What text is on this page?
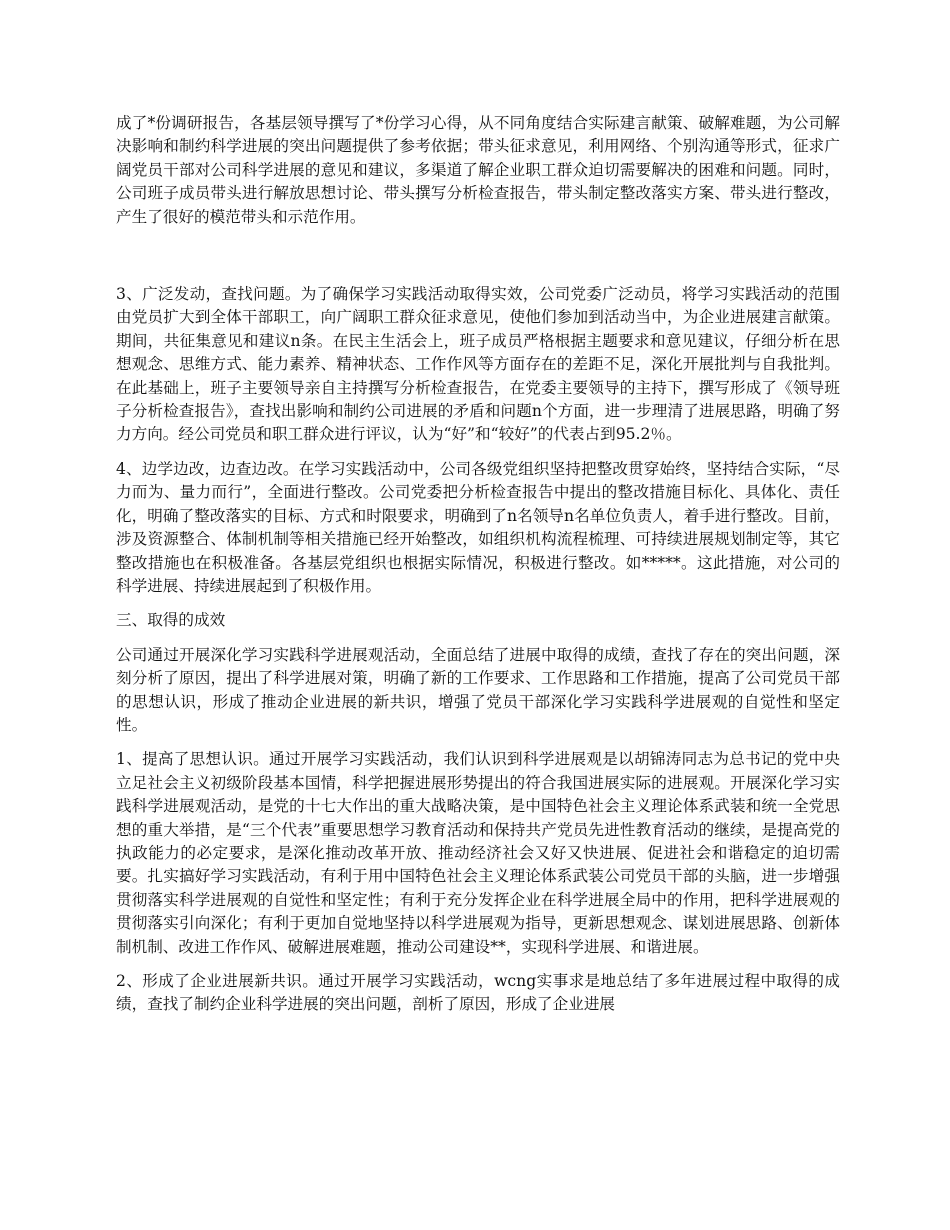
成了*份调研报告，各基层领导撰写了*份学习心得，从不同角度结合实际建言献策、破解难题，为公司解决影响和制约科学进展的突出问题提供了参考依据；带头征求意见，利用网络、个别沟通等形式，征求广阔党员干部对公司科学进展的意见和建议，多渠道了解企业职工群众迫切需要解决的困难和问题。同时，公司班子成员带头进行解放思想讨论、带头撰写分析检查报告，带头制定整改落实方案、带头进行整改，产生了很好的模范带头和示范作用。

3、广泛发动，查找问题。为了确保学习实践活动取得实效，公司党委广泛动员，将学习实践活动的范围由党员扩大到全体干部职工，向广阔职工群众征求意见，使他们参加到活动当中，为企业进展建言献策。期间，共征集意见和建议n条。在民主生活会上，班子成员严格根据主题要求和意见建议，仔细分析在思想观念、思维方式、能力素养、精神状态、工作作风等方面存在的差距不足，深化开展批判与自我批判。在此基础上，班子主要领导亲自主持撰写分析检查报告，在党委主要领导的主持下，撰写形成了《领导班子分析检查报告》，查找出影响和制约公司进展的矛盾和问题n个方面，进一步理清了进展思路，明确了努力方向。经公司党员和职工群众进行评议，认为“好”和“较好”的代表占到95.2％。

4、边学边改，边查边改。在学习实践活动中，公司各级党组织坚持把整改贯穿始终，坚持结合实际，“尽力而为、量力而行”，全面进行整改。公司党委把分析检查报告中提出的整改措施目标化、具体化、责任化，明确了整改落实的目标、方式和时限要求，明确到了n名领导n名单位负责人，着手进行整改。目前，涉及资源整合、体制机制等相关措施已经开始整改，如组织机构流程梳理、可持续进展规划制定等，其它整改措施也在积极准备。各基层党组织也根据实际情况，积极进行整改。如*****。这此措施，对公司的科学进展、持续进展起到了积极作用。

三、取得的成效

公司通过开展深化学习实践科学进展观活动，全面总结了进展中取得的成绩，查找了存在的突出问题，深刻分析了原因，提出了科学进展对策，明确了新的工作要求、工作思路和工作措施，提高了公司党员干部的思想认识，形成了推动企业进展的新共识，增强了党员干部深化学习实践科学进展观的自觉性和坚定性。

1、提高了思想认识。通过开展学习实践活动，我们认识到科学进展观是以胡锦涛同志为总书记的党中央立足社会主义初级阶段基本国情，科学把握进展形势提出的符合我国进展实际的进展观。开展深化学习实践科学进展观活动，是党的十七大作出的重大战略决策，是中国特色社会主义理论体系武装和统一全党思想的重大举措，是“三个代表”重要思想学习教育活动和保持共产党员先进性教育活动的继续，是提高党的执政能力的必定要求，是深化推动改革开放、推动经济社会又好又快进展、促进社会和谐稳定的迫切需要。扎实搞好学习实践活动，有利于用中国特色社会主义理论体系武装公司党员干部的头脑，进一步增强贯彻落实科学进展观的自觉性和坚定性；有利于充分发挥企业在科学进展全局中的作用，把科学进展观的贯彻落实引向深化；有利于更加自觉地坚持以科学进展观为指导，更新思想观念、谋划进展思路、创新体制机制、改进工作作风、破解进展难题，推动公司建设**，实现科学进展、和谐进展。

2、形成了企业进展新共识。通过开展学习实践活动，wcng实事求是地总结了多年进展过程中取得的成绩，查找了制约企业科学进展的突出问题，剖析了原因，形成了企业进展
